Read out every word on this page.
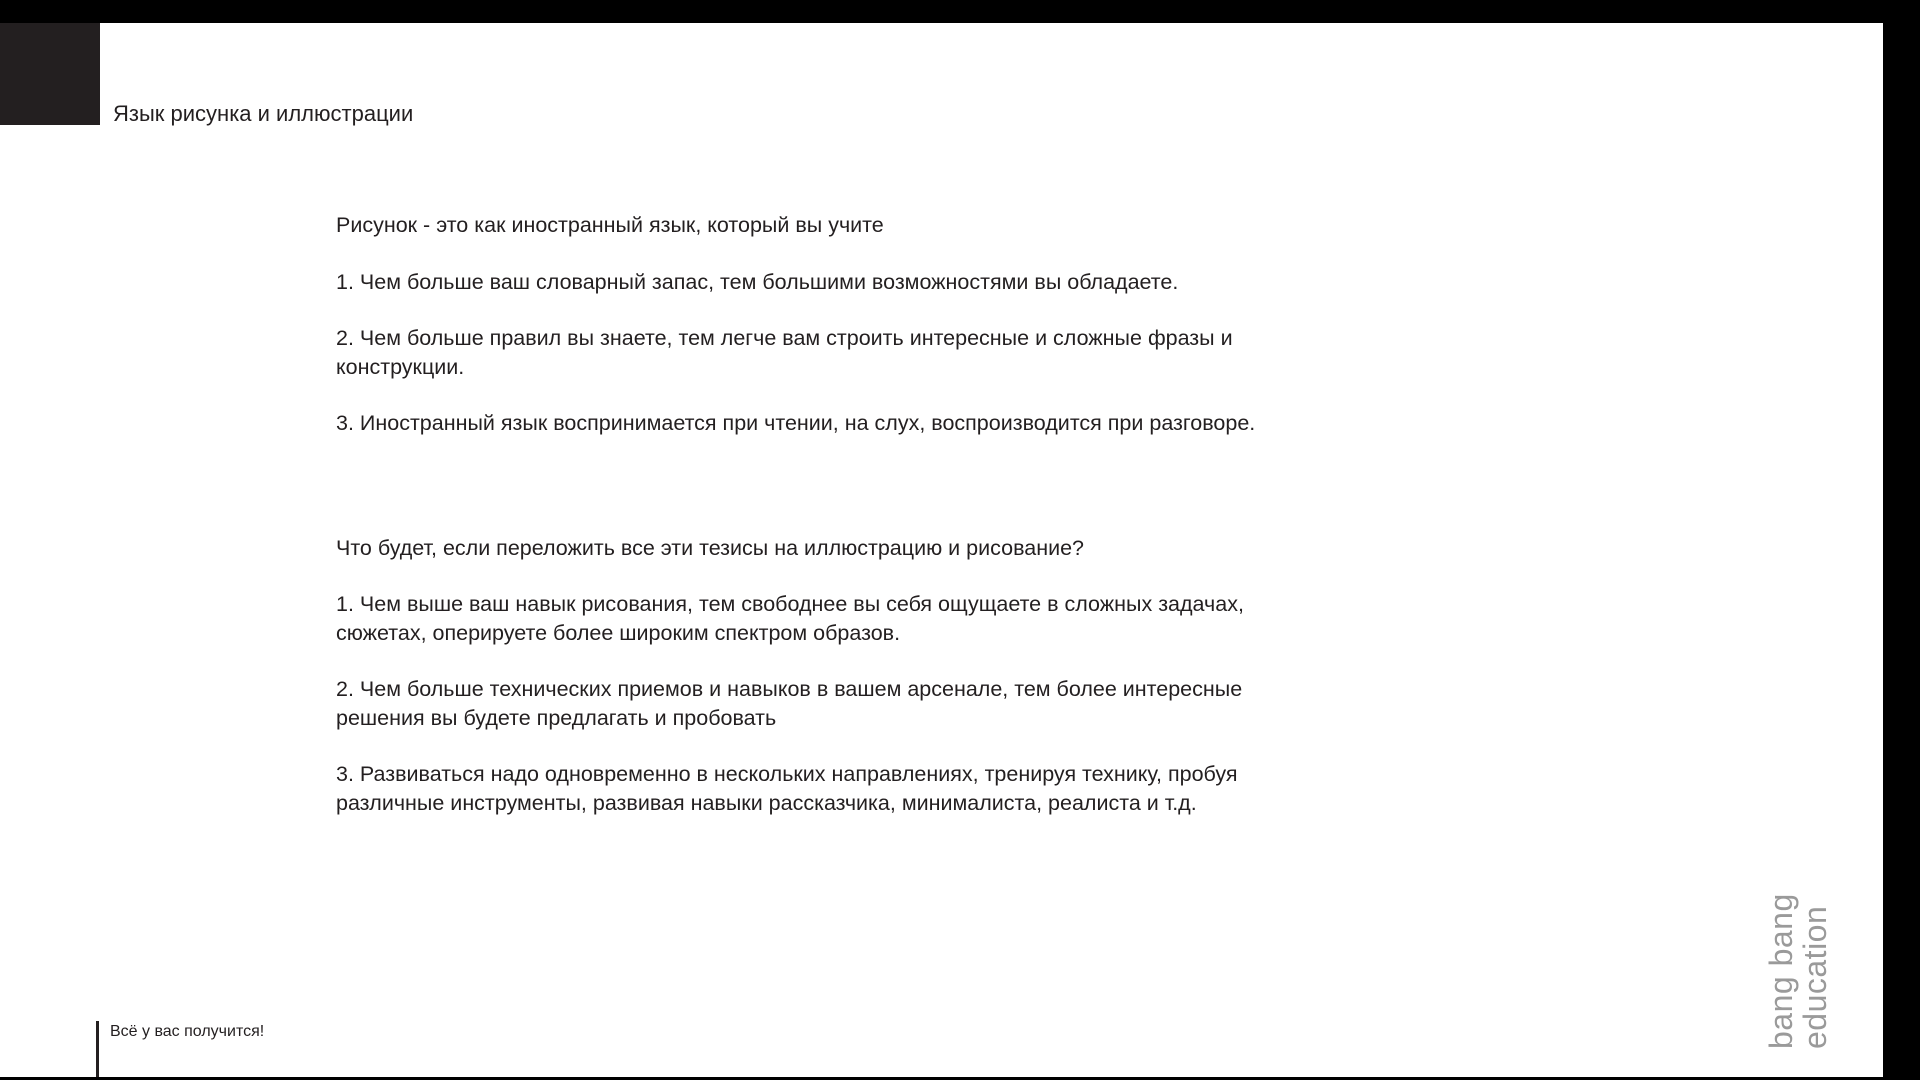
Язык рисунка и иллюстрации

Рисунок - это как иностранный язык, который вы учите

1. Чем больше ваш словарный запас, тем большими возможностями вы обладаете.

2. Чем больше правил вы знаете, тем легче вам строить интересные и сложные фразы и конструкции.

3. Иностранный язык воспринимается при чтении, на слух, воспроизводится при разговоре.

Что будет, если переложить все эти тезисы на иллюстрацию и рисование?

1. Чем выше ваш навык рисования, тем свободнее вы себя ощущаете в сложных задачах, сюжетах, оперируете более широким спектром образов.

2. Чем больше технических приемов и навыков в вашем арсенале, тем более интересные решения вы будете предлагать и пробовать

3. Развиваться надо одновременно в нескольких направлениях, тренируя технику, пробуя различные инструменты, развивая навыки рассказчика, минималиста, реалиста и т.д.

bang bang
education
Всё у вас получится!
